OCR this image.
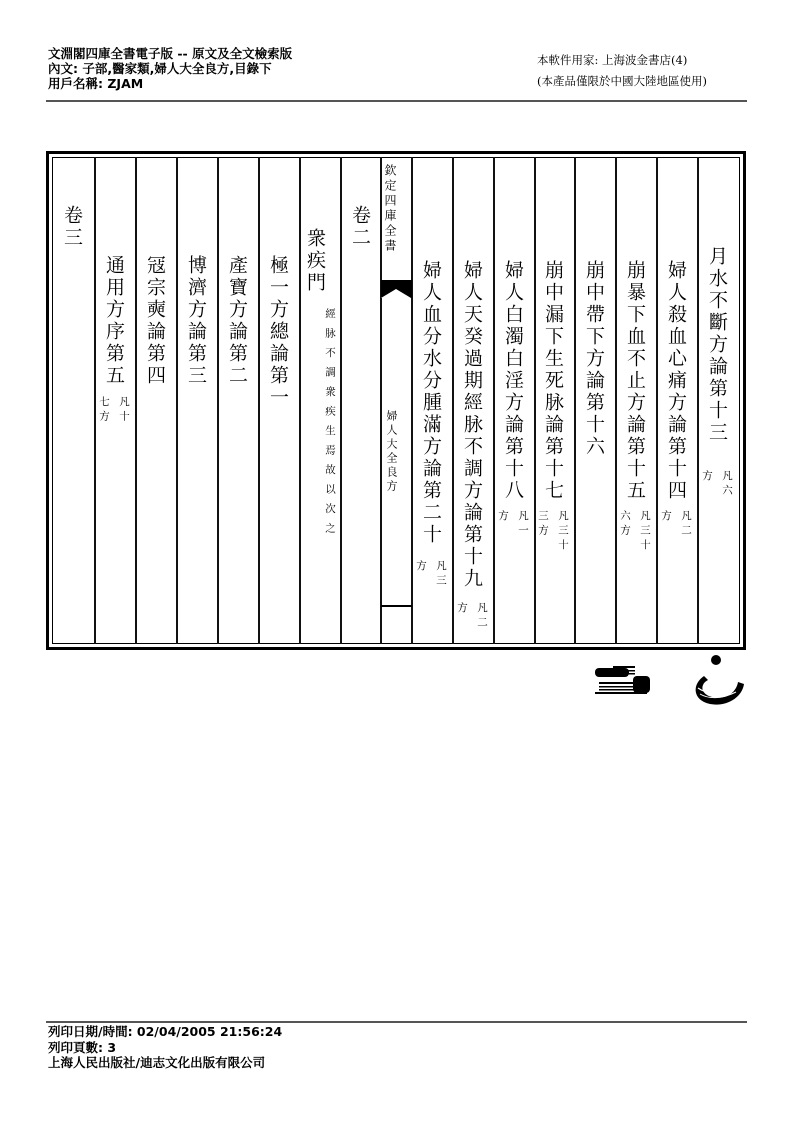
文淵閣四庫全書電子版 -- 原文及全文檢索版
內文: 子部,醫家類,婦人大全良方,目錄下
用戶名稱: ZJAM
本軟件用家: 上海波金書店(4)
(本產品僅限於中國大陸地區使用)
欽定四庫全書
婦人大全良方
月水不斷方論第十三
方 凡六
婦人殺血心痛方論第十四
方 凡二
崩暴下血不止方論第十五
六方 凡三十
崩中帶下方論第十六
崩中漏下生死脉論第十七
三方 凡三十
婦人白濁白淫方論第十八
方 凡一
婦人天癸過期經脉不調方論第十九
方 凡二
婦人血分水分腫滿方論第二十
方 凡三
卷二
衆疾門
經脉不調衆疾生焉故以次之
極一方總論第一
產寶方論第二
博濟方論第三
冦宗奭論第四
通用方序第五
七方 凡十
卷三
列印日期/時間: 02/04/2005 21:56:24
列印頁數: 3
上海人民出版社/迪志文化出版有限公司
